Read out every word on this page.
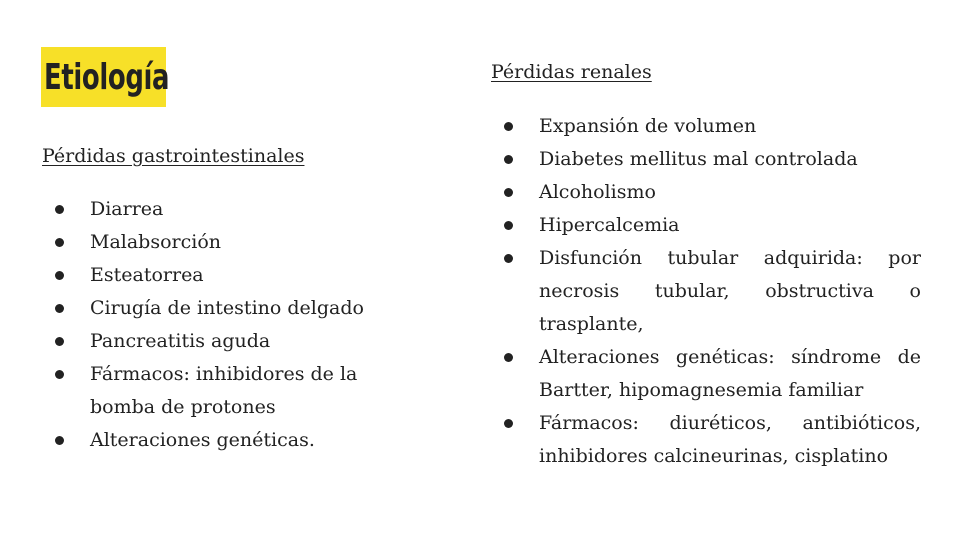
Etiología
Pérdidas gastrointestinales
Diarrea
Malabsorción
Esteatorrea
Cirugía de intestino delgado
Pancreatitis aguda
Fármacos: inhibidores de la bomba de protones
Alteraciones genéticas.
Pérdidas renales
Expansión de volumen
Diabetes mellitus mal controlada
Alcoholismo
Hipercalcemia
Disfunción tubular adquirida: por necrosis tubular, obstructiva o trasplante,
Alteraciones genéticas: síndrome de Bartter, hipomagnesemia familiar
Fármacos: diuréticos, antibióticos, inhibidores calcineurinas, cisplatino
